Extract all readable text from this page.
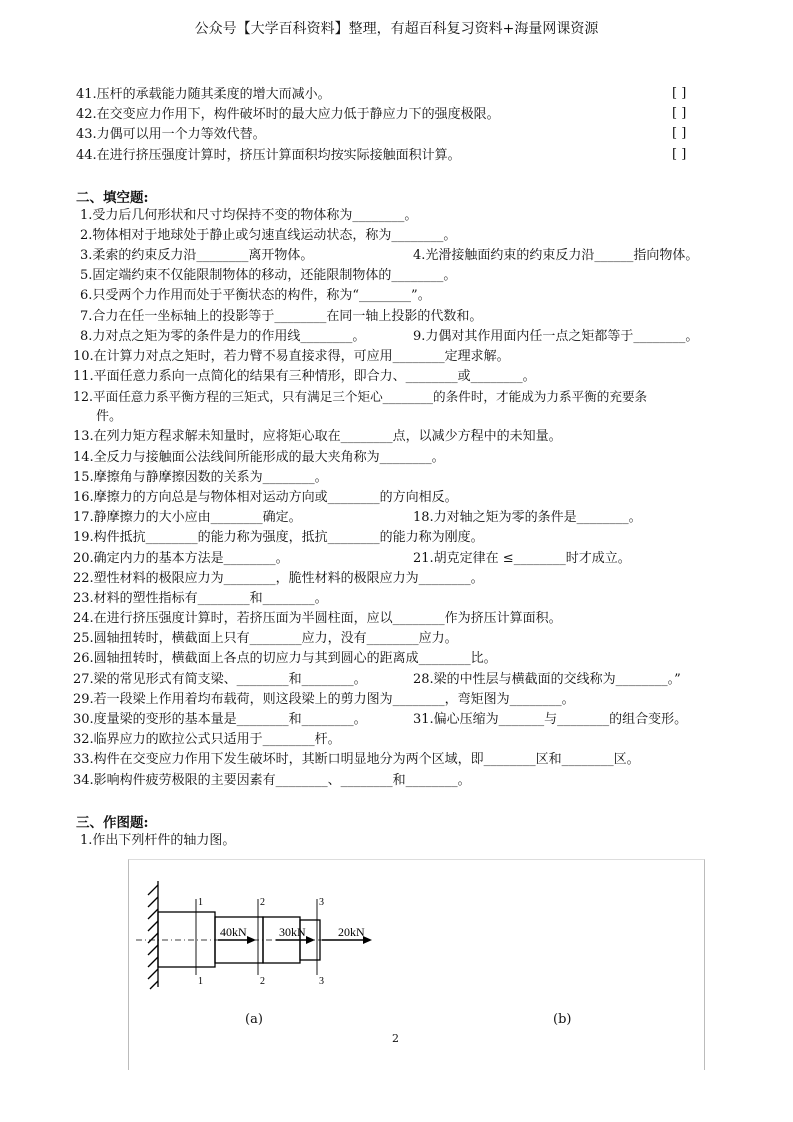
公众号【大学百科资料】整理，有超百科复习资料+海量网课资源
41.压杆的承载能力随其柔度的增大而减小。	[ ]
42.在交变应力作用下，构件破坏时的最大应力低于静应力下的强度极限。	[ ]
43.力偶可以用一个力等效代替。	[ ]
44.在进行挤压强度计算时，挤压计算面积均按实际接触面积计算。	[ ]
二、填空题:
1.受力后几何形状和尺寸均保持不变的物体称为________。
2.物体相对于地球处于静止或匀速直线运动状态，称为________。
3.柔索的约束反力沿________离开物体。	4.光滑接触面约束的约束反力沿______指向物体。
5.固定端约束不仅能限制物体的移动，还能限制物体的________。
6.只受两个力作用而处于平衡状态的构件，称为“________”。
7.合力在任一坐标轴上的投影等于________在同一轴上投影的代数和。
8.力对点之矩为零的条件是力的作用线________。	9.力偶对其作用面内任一点之矩都等于________。
10.在计算力对点之矩时，若力臂不易直接求得，可应用________定理求解。
11.平面任意力系向一点简化的结果有三种情形，即合力、________或________。
12.平面任意力系平衡方程的三矩式，只有满足三个矩心________的条件时，才能成为力系平衡的充要条
件。
13.在列力矩方程求解未知量时，应将矩心取在________点，以减少方程中的未知量。
14.全反力与接触面公法线间所能形成的最大夹角称为________。
15.摩擦角与静摩擦因数的关系为________。
16.摩擦力的方向总是与物体相对运动方向或________的方向相反。
17.静摩擦力的大小应由________确定。	18.力对轴之矩为零的条件是________。
19.构件抵抗________的能力称为强度，抵抗________的能力称为刚度。
20.确定内力的基本方法是________。	21.胡克定律在 ≤________时才成立。
22.塑性材料的极限应力为________，脆性材料的极限应力为________。
23.材料的塑性指标有________和________。
24.在进行挤压强度计算时，若挤压面为半圆柱面，应以________作为挤压计算面积。
25.圆轴扭转时，横截面上只有________应力，没有________应力。
26.圆轴扭转时，横截面上各点的切应力与其到圆心的距离成________比。
27.梁的常见形式有简支梁、________和________。	28.梁的中性层与横截面的交线称为________。”
29.若一段梁上作用着均布载荷，则这段梁上的剪力图为________，弯矩图为________。
30.度量梁的变形的基本量是________和________。	31.偏心压缩为_______与________的组合变形。
32.临界应力的欧拉公式只适用于________杆。
33.构件在交变应力作用下发生破坏时，其断口明显地分为两个区域，即________区和________区。
34.影响构件疲劳极限的主要因素有________、________和________。
三、作图题:
1.作出下列杆件的轴力图。
40kN	30kN	20kN
1
1
2
2
3
3
(a)	(b)
2
